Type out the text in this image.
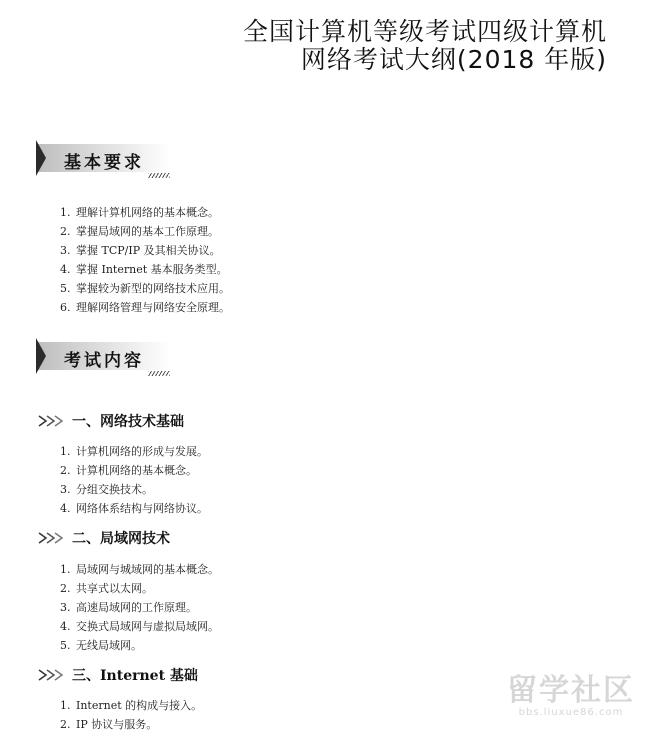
全国计算机等级考试四级计算机
网络考试大纲(2018 年版)
基本要求
1. 理解计算机网络的基本概念。
2. 掌握局域网的基本工作原理。
3. 掌握 TCP/IP 及其相关协议。
4. 掌握 Internet 基本服务类型。
5. 掌握较为新型的网络技术应用。
6. 理解网络管理与网络安全原理。
考试内容
一、网络技术基础
1. 计算机网络的形成与发展。
2. 计算机网络的基本概念。
3. 分组交换技术。
4. 网络体系结构与网络协议。
二、局域网技术
1. 局域网与城域网的基本概念。
2. 共享式以太网。
3. 高速局域网的工作原理。
4. 交换式局域网与虚拟局域网。
5. 无线局域网。
三、Internet 基础
1. Internet 的构成与接入。
2. IP 协议与服务。
留学社区
bbs.liuxue86.com
